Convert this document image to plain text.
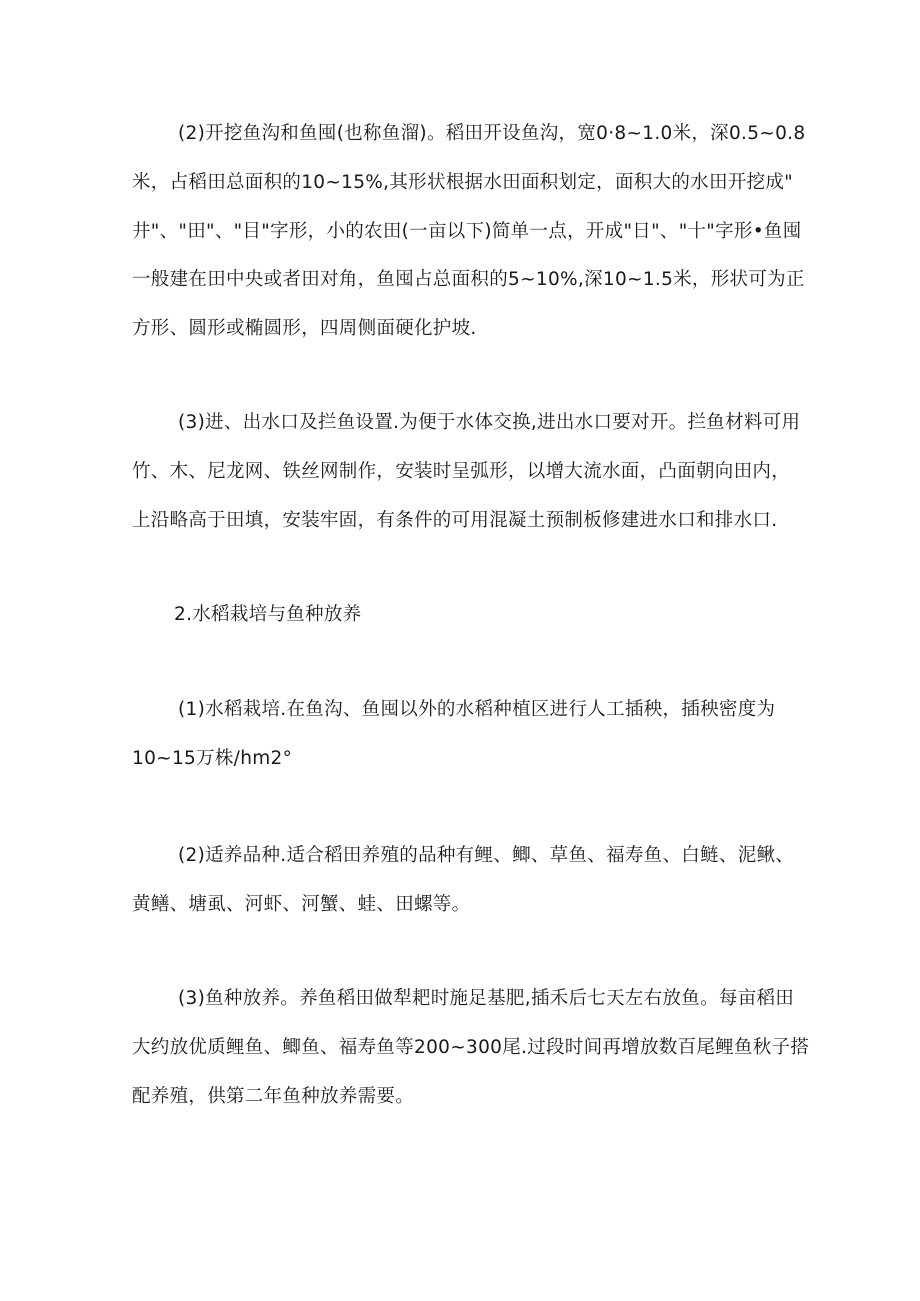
(2)开挖鱼沟和鱼囤(也称鱼溜)。稻田开设鱼沟，宽0·8~1.0米，深0.5~0.8
米，占稻田总面积的10~15%,其形状根据水田面积划定，面积大的水田开挖成"
井"、"田"、"目"字形，小的农田(一亩以下)简单一点，开成"日"、"十"字形•鱼囤
一般建在田中央或者田对角，鱼囤占总面积的5~10%,深10~1.5米，形状可为正
方形、圆形或椭圆形，四周侧面硬化护坡.
(3)进、出水口及拦鱼设置.为便于水体交换,进出水口要对开。拦鱼材料可用
竹、木、尼龙网、铁丝网制作，安装时呈弧形，以增大流水面，凸面朝向田内，
上沿略高于田填，安装牢固，有条件的可用混凝土预制板修建进水口和排水口.
2.水稻栽培与鱼种放养
(1)水稻栽培.在鱼沟、鱼囤以外的水稻种植区进行人工插秧，插秧密度为
10~15万株/hm2°
(2)适养品种.适合稻田养殖的品种有鲤、鲫、草鱼、福寿鱼、白鲢、泥鳅、
黄鳝、塘虱、河虾、河蟹、蛙、田螺等。
(3)鱼种放养。养鱼稻田做犁耙时施足基肥,插禾后七天左右放鱼。每亩稻田
大约放优质鲤鱼、鲫鱼、福寿鱼等200~300尾.过段时间再增放数百尾鲤鱼秋子搭
配养殖，供第二年鱼种放养需要。
